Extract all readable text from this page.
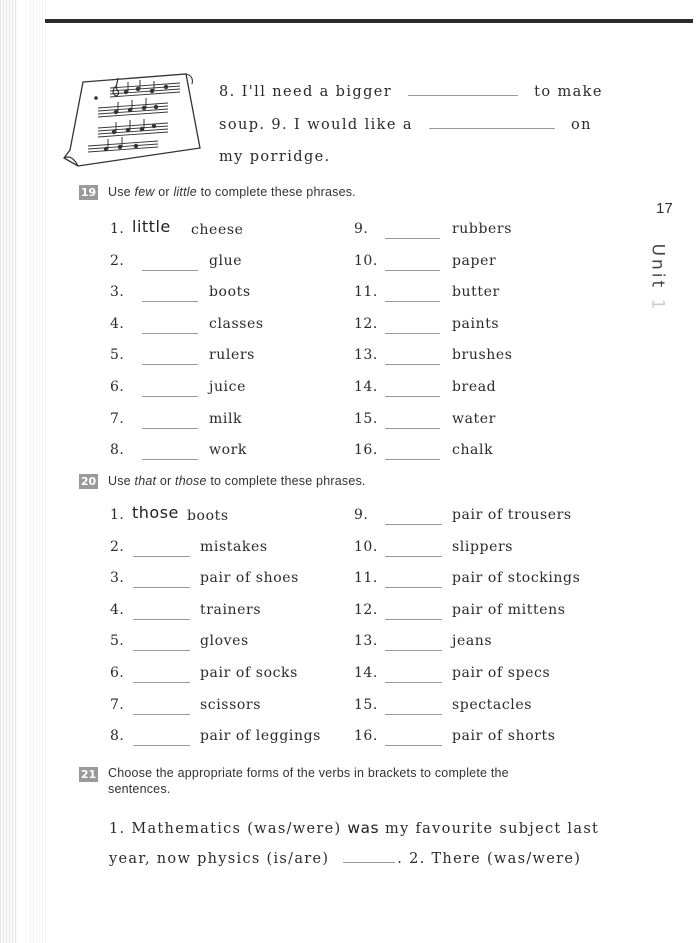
8. I'll need a bigger	to make
soup. 9. I would like a	on
my porridge.
17
Unit 1
19 Use few or little to complete these phrases.
1. little cheese
2.	glue
3.	boots
4.	classes
5.	rulers
6.	juice
7.	milk
8.	work
9.	rubbers
10.	paper
11.	butter
12.	paints
13.	brushes
14.	bread
15.	water
16.	chalk
20 Use that or those to complete these phrases.
1. those boots
2.	mistakes
3.	pair of shoes
4.	trainers
5.	gloves
6.	pair of socks
7.	scissors
8.	pair of leggings
9.	pair of trousers
10.	slippers
11.	pair of stockings
12.	pair of mittens
13.	jeans
14.	pair of specs
15.	spectacles
16.	pair of shorts
21 Choose the appropriate forms of the verbs in brackets to complete the
sentences.
1. Mathematics (was/were) was my favourite subject last
year, now physics (is/are)	. 2. There (was/were)
